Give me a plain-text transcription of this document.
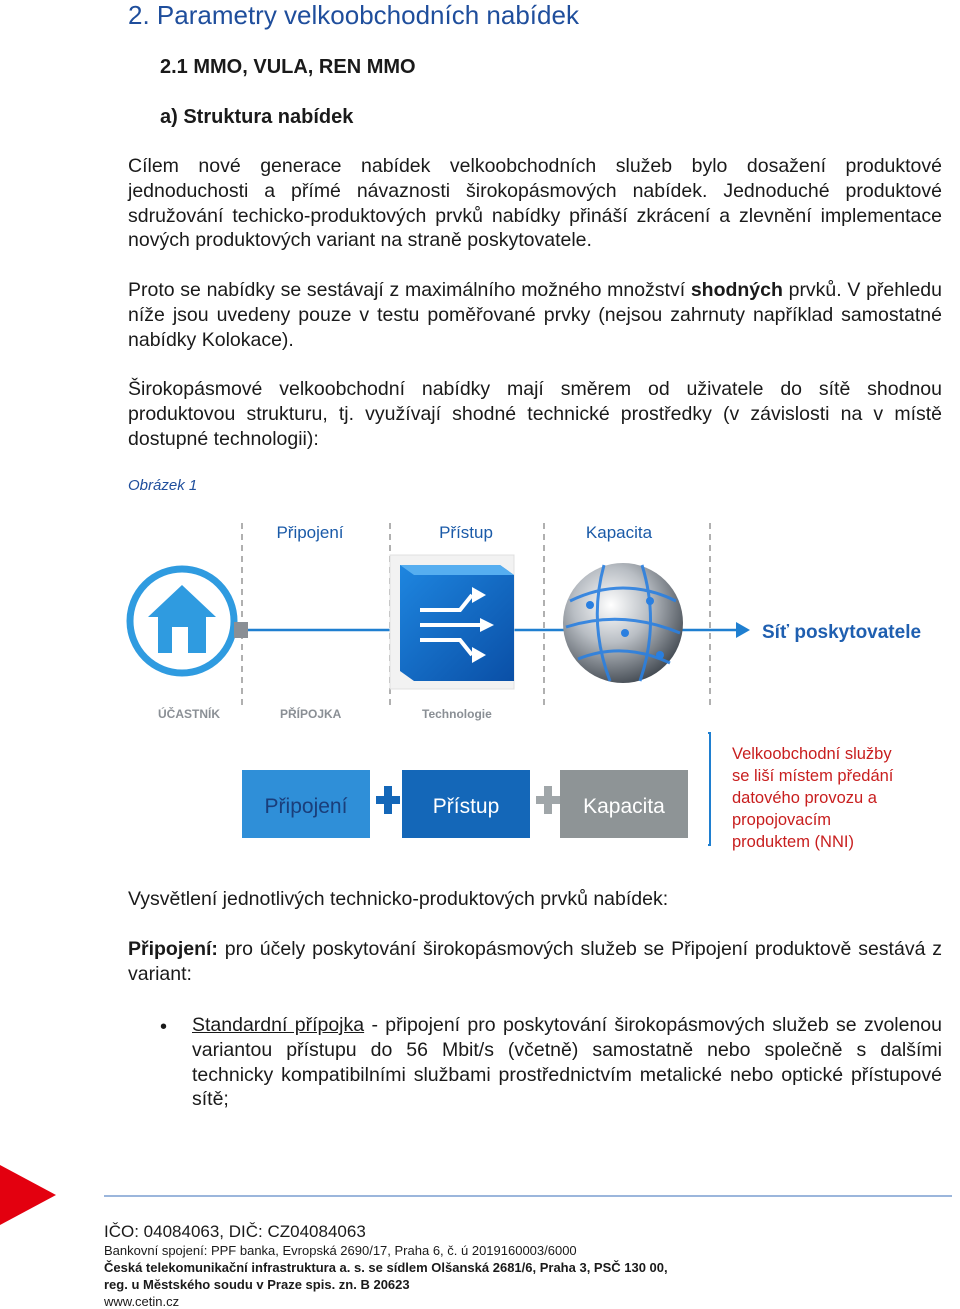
2. Parametry velkoobchodních nabídek
2.1 MMO, VULA, REN MMO
a) Struktura nabídek

Cílem nové generace nabídek velkoobchodních služeb bylo dosažení produktové jednoduchosti a přímé návaznosti širokopásmových nabídek. Jednoduché produktové sdružování techicko-produktových prvků nabídky přináší zkrácení a zlevnění implementace nových produktových variant na straně poskytovatele.

Proto se nabídky se sestávají z maximálního možného množství shodných prvků. V přehledu níže jsou uvedeny pouze v testu poměřované prvky (nejsou zahrnuty například samostatné nabídky Kolokace).

Širokopásmové velkoobchodní nabídky mají směrem od uživatele do sítě shodnou produktovou strukturu, tj. využívají shodné technické prostředky (v závislosti na v místě dostupné technologii):

Obrázek 1
Připojení	Přístup	Kapacita
Síť poskytovatele
ÚČASTNÍK	PŘÍPOJKA	Technologie
Připojení	Přístup	Kapacita
Velkoobchodní služby
se liší místem předání
datového provozu a
propojovacím
produktem (NNI)

Vysvětlení jednotlivých technicko-produktových prvků nabídek:

Připojení: pro účely poskytování širokopásmových služeb se Připojení produktově sestává z variant:

• Standardní přípojka - připojení pro poskytování širokopásmových služeb se zvolenou variantou přístupu do 56 Mbit/s (včetně) samostatně nebo společně s dalšími technicky kompatibilními službami prostřednictvím metalické nebo optické přístupové sítě;

IČO: 04084063, DIČ: CZ04084063
Bankovní spojení: PPF banka, Evropská 2690/17, Praha 6, č. ú 2019160003/6000
Česká telekomunikační infrastruktura a. s. se sídlem Olšanská 2681/6, Praha 3, PSČ 130 00,
reg. u Městského soudu v Praze spis. zn. B 20623
www.cetin.cz
